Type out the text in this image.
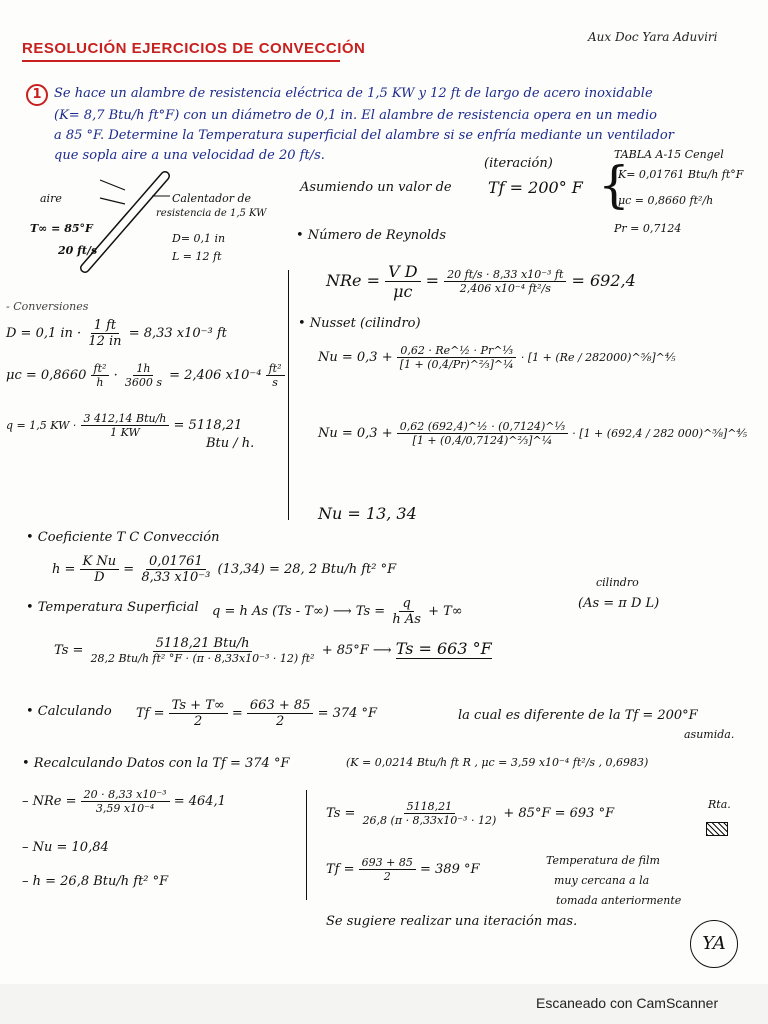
RESOLUCIÓN EJERCICIOS DE CONVECCIÓN
Aux Doc Yara Aduviri
1 Se hace un alambre de resistencia eléctrica de 1,5 KW y 12 ft de largo de acero inoxidable
(K= 8,7 Btu/h ft°F) con un diámetro de 0,1 in. El alambre de resistencia opera en un medio
a 85 °F. Determine la Temperatura superficial del alambre si se enfría mediante un ventilador
que sopla aire a una velocidad de 20 ft/s.
aire
T∞ = 85°F
20 ft/s
Calentador de
resistencia de 1,5 KW
D= 0,1 in
L = 12 ft
(iteración)
Asumiendo un valor de Tf = 200° F
TABLA A-15 Cengel
{
K= 0,01761 Btu/h ft°F
μc = 0,8660 ft²/h
Pr = 0,7124
• Número de Reynolds
NRe = $\frac{\text{V D}}{\mu c} = \frac{\text{20 ft/s · 8,33 x10⁻³ ft}}{\text{2,406 x10⁻⁴ ft²/s}} = 692,4$
- Conversiones
D = 0,1 in · $\frac{1 ft}{12 in} = 8,33$ x10⁻³ ft
$\mu c = 0,8660 \frac{\text{ft²}}{h} \cdot \frac{1h}{3600 s} = 2,406$ $x10^{-4} \frac{\text{ft²}}{s}$
q = 1,5 KW · $\frac{\text{3 412,14 Btu/h}}{1 KW} = 5118,21$
Btu / h.
• Nusset (cilindro)
$Nu = 0,3 + \frac{\text{0,62 · Re\textasciicircum{}½ · Pr\textasciicircum{}⅓}}{\text{[1 + (0,4/Pr)\textasciicircum{}⅔]\textasciicircum{}¼}} \cdot [1 + (Re$ / 282000)^⅝]^⅘
$Nu = 0,3 + \frac{\text{0,62 (692,4)\textasciicircum{}½ · (0,7124)\textasciicircum{}⅓}}{\text{[1 + (0,4/0,7124)\textasciicircum{}⅔]\textasciicircum{}¼}} \cdot [1 + (692,4 / 282$ 000)^⅝]^⅘
Nu = 13, 34
• Coeficiente T C Convección
$h = \frac{\text{K Nu}}{D} = \frac{0,01761}{\text{8,33 x10⁻³}} (13,34) = 28$, 2 Btu/h ft² °F
• Temperatura Superficial q = h As (Ts - T∞) ⟶ $Ts = \frac{q}{\text{h As}} + T\infty$
cilindro
(As = π D L)
$Ts = \frac{\text{5118,21 Btu/h}}{\text{28,2 Btu/h ft² °F · (π · 8,33x10⁻³ · 12) ft²}} + 85^\circ F$ ⟶ Ts = 663 °F
• Calculando $Tf = \frac{Ts + T\infty}{2} = \frac{663 + 85}{2} = 374$ °F	la cual es diferente de la Tf = 200°F
asumida.
• Recalculando Datos con la Tf = 374 °F	(K = 0,0214 Btu/h ft R , μc = 3,59 x10⁻⁴ ft²/s , 0,6983)
– NRe = $\frac{\text{20 · 8,33 x10⁻³}}{\text{3,59 x10⁻⁴}} = 464,1$
– Nu = 10,84
– h = 26,8 Btu/h ft² °F
$Ts = \frac{5118,21}{\text{26,8 (π · 8,33x10⁻³ · 12)}} + 85^\circ F = 693$ °F
Rta.
$Tf = \frac{693 + 85}{2} = 389$ °F
Temperatura de film
muy cercana a la
tomada anteriormente
Se sugiere realizar una iteración mas.
YA
Escaneado con CamScanner
